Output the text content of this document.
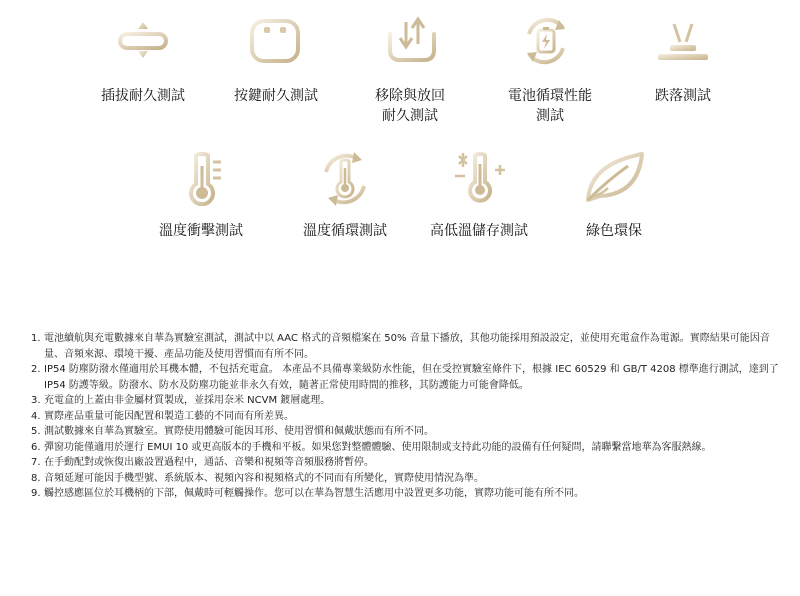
插拔耐久測試	按鍵耐久測試	移除與放回
耐久測試
電池循環性能
測試
跌落測試
溫度衝擊測試	溫度循環測試	高低溫儲存測試	綠色環保
1. 電池續航與充電數據來自華為實驗室測試，測試中以 AAC 格式的音頻檔案在 50% 音量下播放，其他功能採用預設設定，並使用充電盒作為電源。實際結果可能因音量、音頻來源、環境干擾、產品功能及使用習慣而有所不同。
2. IP54 防塵防潑水僅適用於耳機本體，不包括充電盒。 本產品不具備專業級防水性能，但在受控實驗室條件下，根據 IEC 60529 和 GB/T 4208 標準進行測試，達到了 IP54 防護等級。防潑水、防水及防塵功能並非永久有效，隨著正常使用時間的推移，其防護能力可能會降低。
3. 充電盒的上蓋由非金屬材質製成，並採用奈米 NCVM 鍍層處理。
4. 實際產品重量可能因配置和製造工藝的不同而有所差異。
5. 測試數據來自華為實驗室。實際使用體驗可能因耳形、使用習慣和佩戴狀態而有所不同。
6. 彈窗功能僅適用於運行 EMUI 10 或更高版本的手機和平板。如果您對整體體驗、使用限制或支持此功能的設備有任何疑問，請聯繫當地華為客服熱線。
7. 在手動配對或恢復出廠設置過程中，通話、音樂和視頻等音頻服務將暫停。
8. 音頻延遲可能因手機型號、系統版本、視頻內容和視頻格式的不同而有所變化，實際使用情況為準。
9. 觸控感應區位於耳機柄的下部，佩戴時可輕觸操作。您可以在華為智慧生活應用中設置更多功能，實際功能可能有所不同。
